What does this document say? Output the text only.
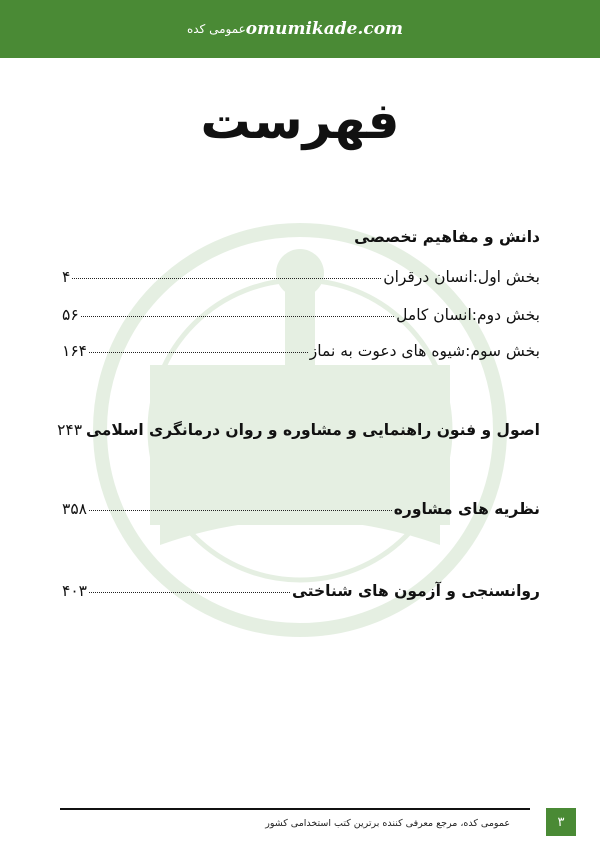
عمومی کده omumikade.com
فهرست

دانش و مفاهیم تخصصی

بخش اول:انسان درقران
۴
بخش دوم:انسان کامل
۵۶
بخش سوم:شیوه های دعوت به نماز
۱۶۴
اصول و فنون راهنمایی و مشاوره و روان درمانگری اسلامی
۲۴۳
نظریه های مشاوره
۳۵۸
روانسنجی و آزمون های شناختی
۴۰۳
عمومی کده، مرجع معرفی کننده برترین کتب استخدامی کشور	۳
